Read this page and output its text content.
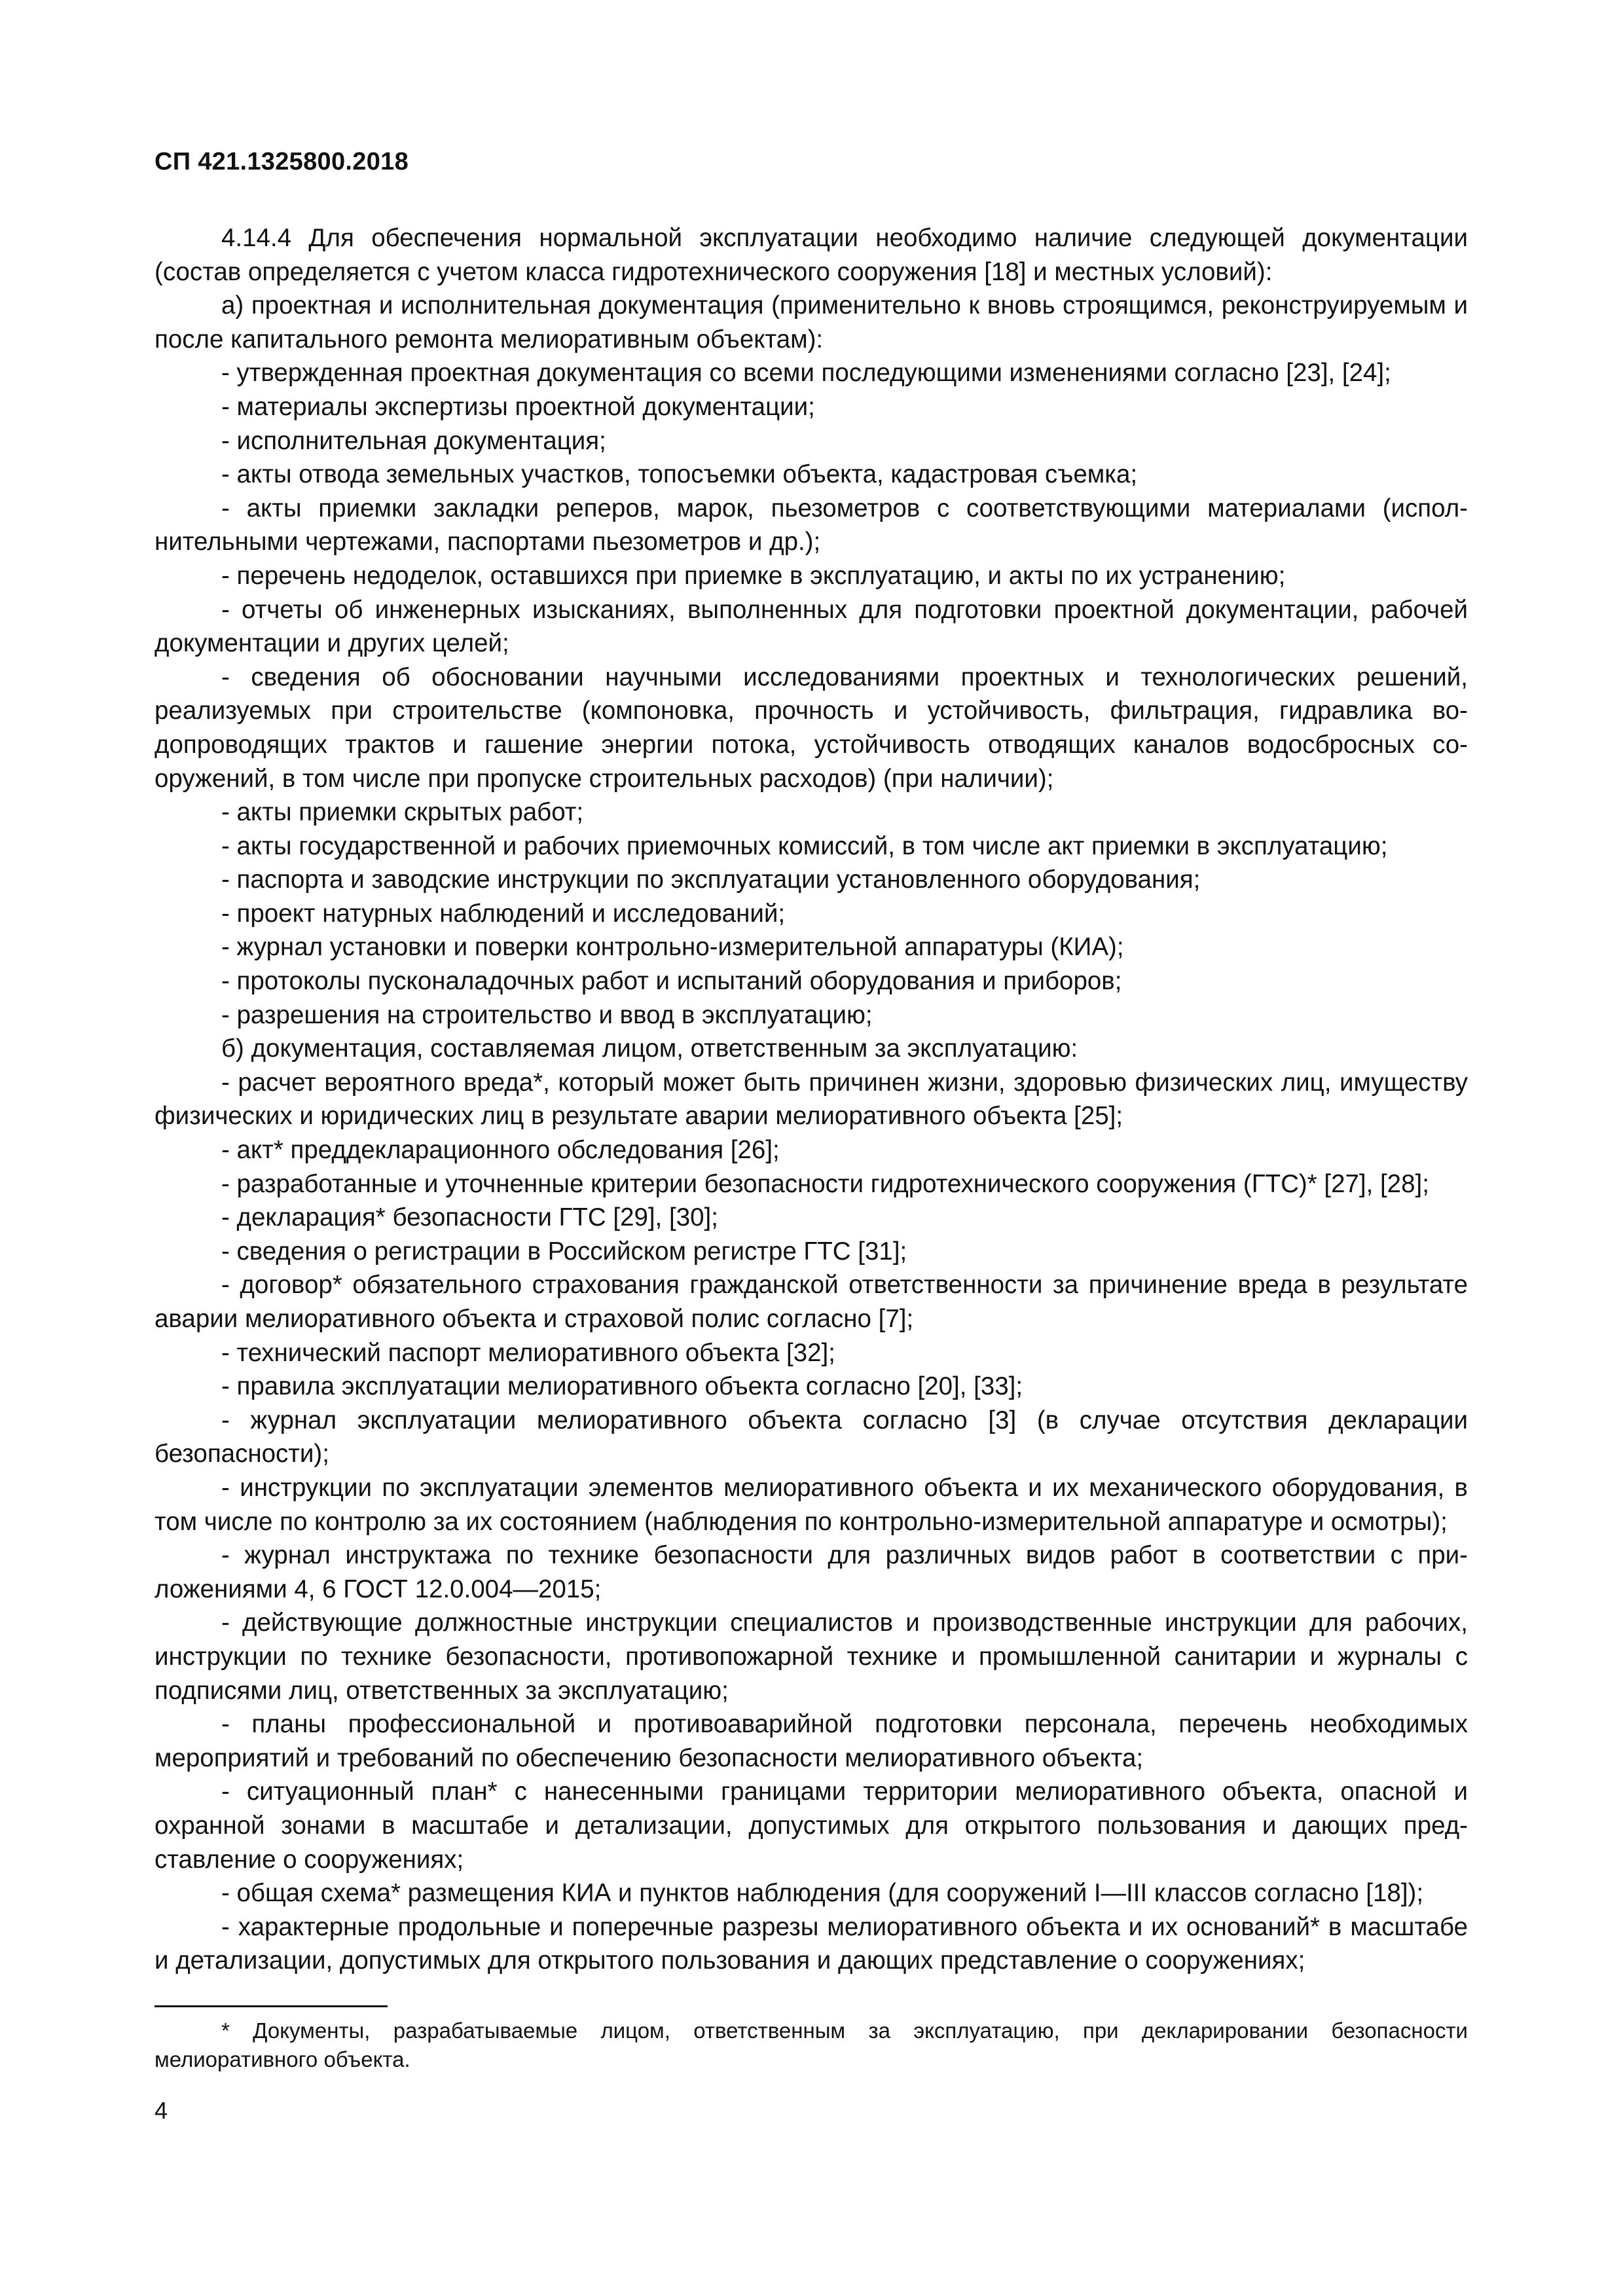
СП 421.1325800.2018

4.14.4 Для обеспечения нормальной эксплуатации необходимо наличие следующей документации (состав определяется с учетом класса гидротехнического сооружения [18] и местных условий):

а) проектная и исполнительная документация (применительно к вновь строящимся, реконструируемым и после капитального ремонта мелиоративным объектам):

- утвержденная проектная документация со всеми последующими изменениями согласно [23], [24];

- материалы экспертизы проектной документации;

- исполнительная документация;

- акты отвода земельных участков, топосъемки объекта, кадастровая съемка;

- акты приемки закладки реперов, марок, пьезометров с соответствующими материалами (исполнительными чертежами, паспортами пьезометров и др.);

- перечень недоделок, оставшихся при приемке в эксплуатацию, и акты по их устранению;

- отчеты об инженерных изысканиях, выполненных для подготовки проектной документации, рабочей документации и других целей;

- сведения об обосновании научными исследованиями проектных и технологических решений, реализуемых при строительстве (компоновка, прочность и устойчивость, фильтрация, гидравлика водопроводящих трактов и гашение энергии потока, устойчивость отводящих каналов водосбросных сооружений, в том числе при пропуске строительных расходов) (при наличии);

- акты приемки скрытых работ;

- акты государственной и рабочих приемочных комиссий, в том числе акт приемки в эксплуатацию;

- паспорта и заводские инструкции по эксплуатации установленного оборудования;

- проект натурных наблюдений и исследований;

- журнал установки и поверки контрольно-измерительной аппаратуры (КИА);

- протоколы пусконаладочных работ и испытаний оборудования и приборов;

- разрешения на строительство и ввод в эксплуатацию;

б) документация, составляемая лицом, ответственным за эксплуатацию:

- расчет вероятного вреда*, который может быть причинен жизни, здоровью физических лиц, имуществу физических и юридических лиц в результате аварии мелиоративного объекта [25];

- акт* преддекларационного обследования [26];

- разработанные и уточненные критерии безопасности гидротехнического сооружения (ГТС)* [27], [28];

- декларация* безопасности ГТС [29], [30];

- сведения о регистрации в Российском регистре ГТС [31];

- договор* обязательного страхования гражданской ответственности за причинение вреда в результате аварии мелиоративного объекта и страховой полис согласно [7];

- технический паспорт мелиоративного объекта [32];

- правила эксплуатации мелиоративного объекта согласно [20], [33];

- журнал эксплуатации мелиоративного объекта согласно [3] (в случае отсутствия декларации безопасности);

- инструкции по эксплуатации элементов мелиоративного объекта и их механического оборудования, в том числе по контролю за их состоянием (наблюдения по контрольно-измерительной аппаратуре и осмотры);

- журнал инструктажа по технике безопасности для различных видов работ в соответствии с приложениями 4, 6 ГОСТ 12.0.004—2015;

- действующие должностные инструкции специалистов и производственные инструкции для рабочих, инструкции по технике безопасности, противопожарной технике и промышленной санитарии и журналы с подписями лиц, ответственных за эксплуатацию;

- планы профессиональной и противоаварийной подготовки персонала, перечень необходимых мероприятий и требований по обеспечению безопасности мелиоративного объекта;

- ситуационный план* с нанесенными границами территории мелиоративного объекта, опасной и охранной зонами в масштабе и детализации, допустимых для открытого пользования и дающих представление о сооружениях;

- общая схема* размещения КИА и пунктов наблюдения (для сооружений I—III классов согласно [18]);

- характерные продольные и поперечные разрезы мелиоративного объекта и их оснований* в масштабе и детализации, допустимых для открытого пользования и дающих представление о сооружениях;

* Документы, разрабатываемые лицом, ответственным за эксплуатацию, при декларировании безопасности мелиоративного объекта.
4
